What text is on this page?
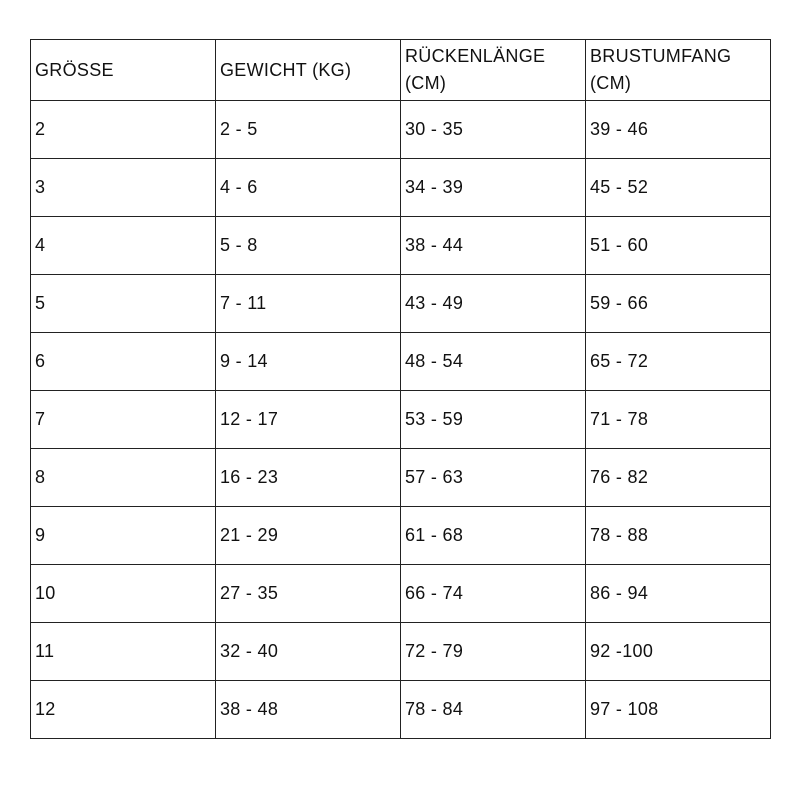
GRÖSSE	GEWICHT (KG)	RÜCKENLÄNGE (CM)	BRUSTUMFANG (CM)
2	2 - 5	30 - 35	39 - 46
3	4 - 6	34 - 39	45 - 52
4	5 - 8	38 - 44	51 - 60
5	7 - 11	43 - 49	59 - 66
6	9 - 14	48 - 54	65 - 72
7	12 - 17	53 - 59	71 - 78
8	16 - 23	57 - 63	76 - 82
9	21 - 29	61 - 68	78 - 88
10	27 - 35	66 - 74	86 - 94
11	32 - 40	72 - 79	92 -100
12	38 - 48	78 - 84	97 - 108
